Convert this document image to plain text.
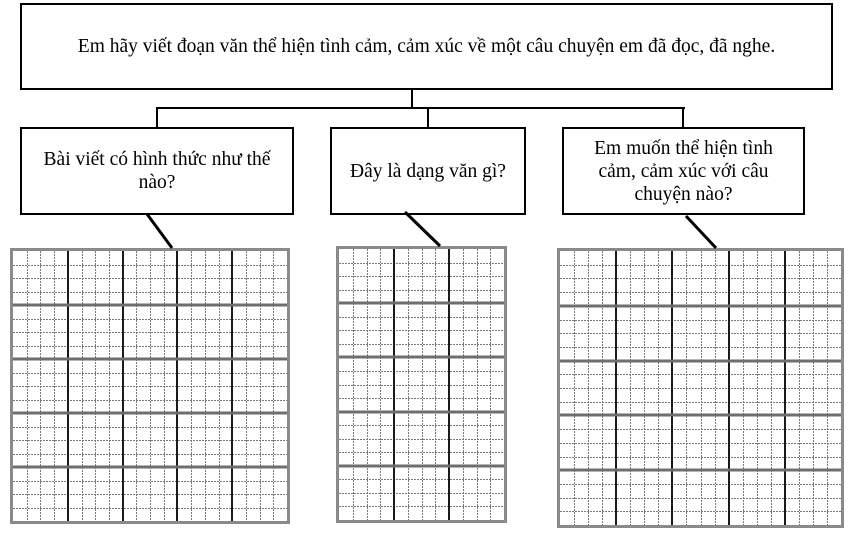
Em hãy viết đoạn văn thể hiện tình cảm, cảm xúc về một câu chuyện em đã đọc, đã nghe.
Bài viết có hình thức như thế nào?
Đây là dạng văn gì?
Em muốn thể hiện tình cảm, cảm xúc với câu chuyện nào?
